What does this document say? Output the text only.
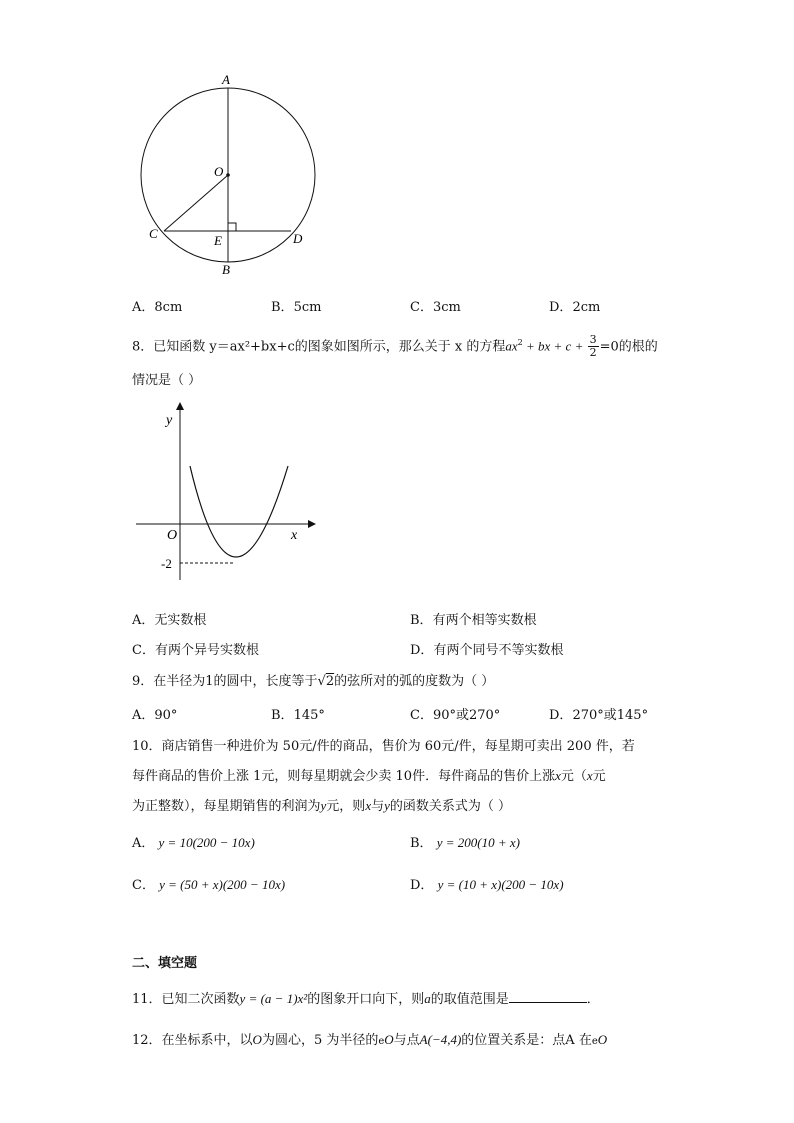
A
O
C	E	D
B
A．8cm	B．5cm	C．3cm	D．2cm
8．已知函数 y＝ax²+bx+c的图象如图所示，那么关于 x 的方程$ax^2$ + bx + $c + \frac{3}{2} =0$的根的
情况是（ ）
y
x
O
-2
A．无实数根	B．有两个相等实数根
C．有两个异号实数根	D．有两个同号不等实数根
9．在半径为1的圆中，长度等于√2的弦所对的弧的度数为（ ）
A．90°	B．145°	C．90°或270°	D．270°或145°
10．商店销售一种进价为 50元/件的商品，售价为 60元/件，每星期可卖出 200 件，若
每件商品的售价上涨 1元，则每星期就会少卖 10件．每件商品的售价上涨x元（x元
为正整数），每星期销售的利润为y元，则x与y的函数关系式为（ ）
A． y = 10(200 − 10x)	B． y = 200(10 + x)
C． y = (50 + x)(200 − 10x)	D． y = (10 + x)(200 − 10x)
二、填空题
11．已知二次函数y = (a − 1)x²的图象开口向下，则a的取值范围是	．
12．在坐标系中，以O为圆心，5 为半径的eO与点A(−4,4)的位置关系是：点A 在eO
